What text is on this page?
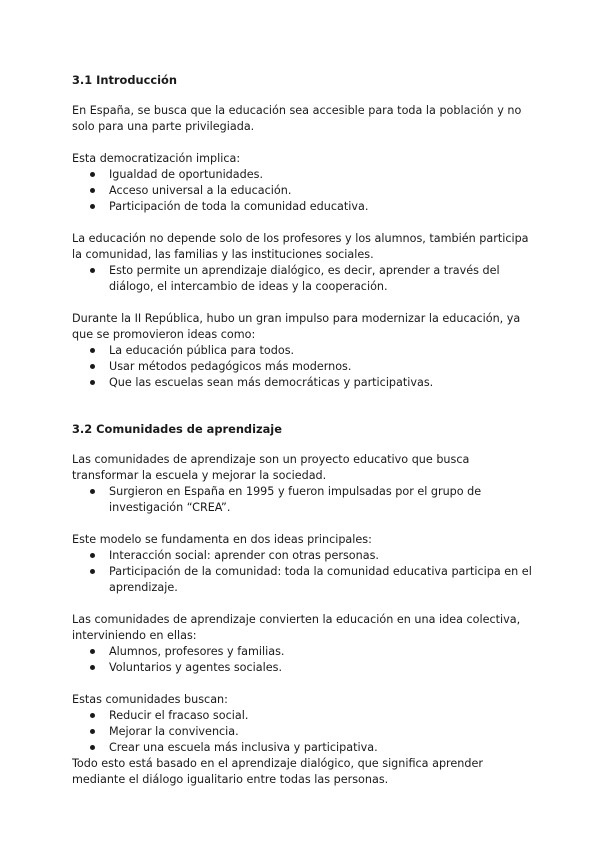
3.1 Introducción

En España, se busca que la educación sea accesible para toda la población y no solo para una parte privilegiada.

Esta democratización implica:

Igualdad de oportunidades.
Acceso universal a la educación.
Participación de toda la comunidad educativa.

La educación no depende solo de los profesores y los alumnos, también participa la comunidad, las familias y las instituciones sociales.

Esto permite un aprendizaje dialógico, es decir, aprender a través del diálogo, el intercambio de ideas y la cooperación.

Durante la II República, hubo un gran impulso para modernizar la educación, ya que se promovieron ideas como:

La educación pública para todos.
Usar métodos pedagógicos más modernos.
Que las escuelas sean más democráticas y participativas.
3.2 Comunidades de aprendizaje

Las comunidades de aprendizaje son un proyecto educativo que busca transformar la escuela y mejorar la sociedad.

Surgieron en España en 1995 y fueron impulsadas por el grupo de investigación “CREA”.

Este modelo se fundamenta en dos ideas principales:

Interacción social: aprender con otras personas.
Participación de la comunidad: toda la comunidad educativa participa en el aprendizaje.

Las comunidades de aprendizaje convierten la educación en una idea colectiva, interviniendo en ellas:

Alumnos, profesores y familias.
Voluntarios y agentes sociales.

Estas comunidades buscan:

Reducir el fracaso social.
Mejorar la convivencia.
Crear una escuela más inclusiva y participativa.

Todo esto está basado en el aprendizaje dialógico, que significa aprender mediante el diálogo igualitario entre todas las personas.
